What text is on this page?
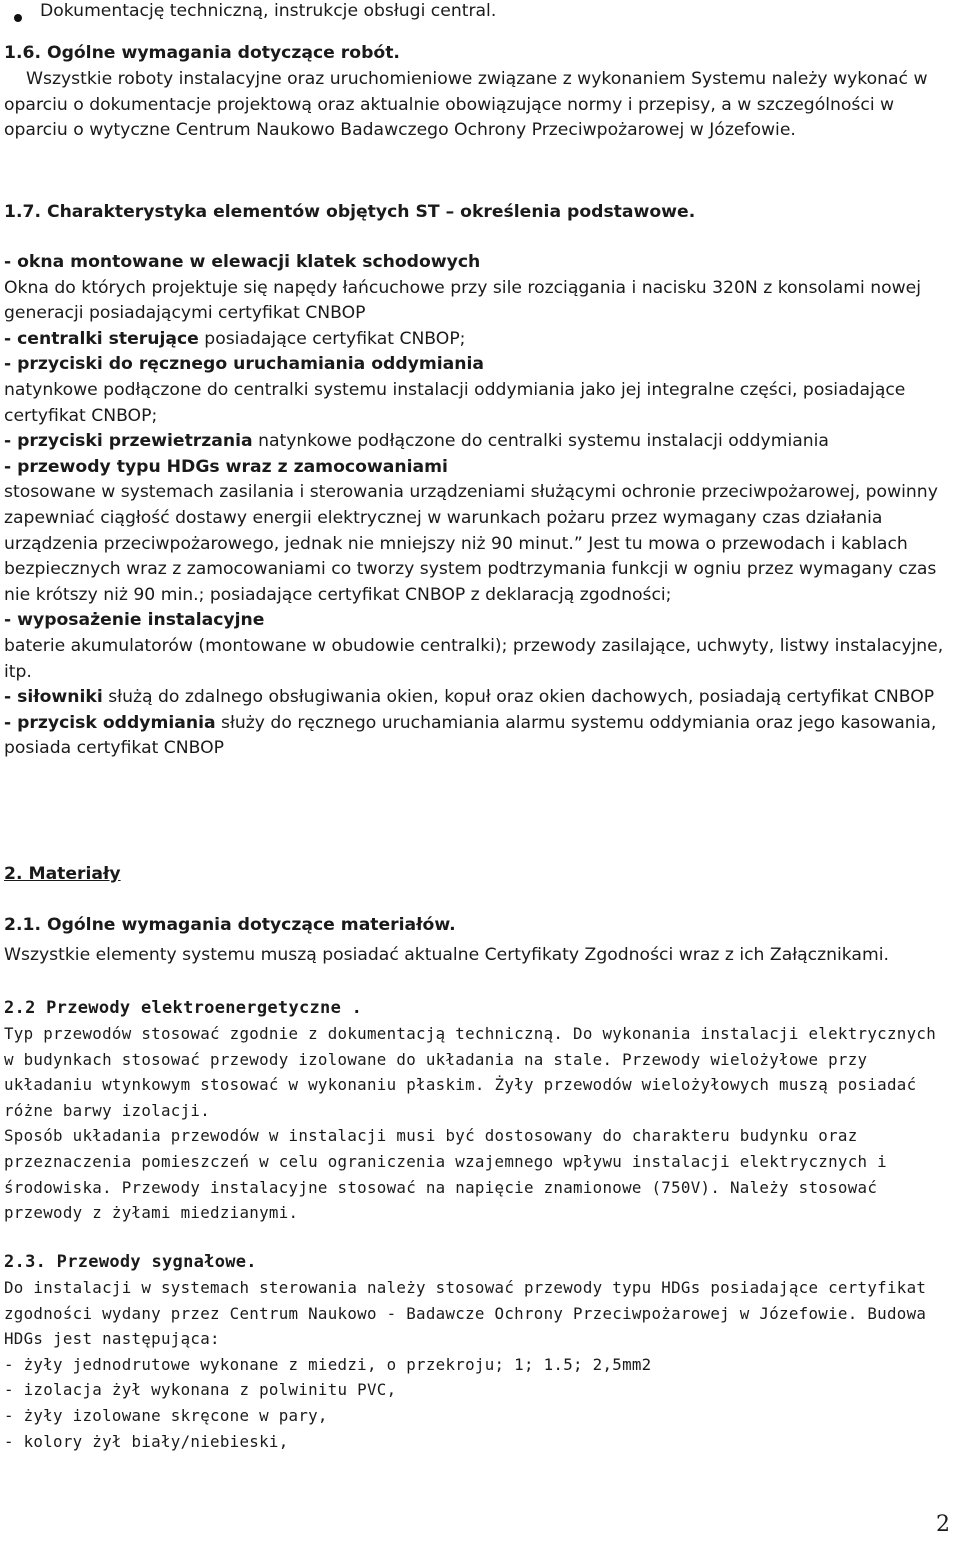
Dokumentację techniczną, instrukcje obsługi central.

1.6. Ogólne wymagania dotyczące robót.

Wszystkie roboty instalacyjne oraz uruchomieniowe związane z wykonaniem Systemu należy wykonać w oparciu o dokumentacje projektową oraz aktualnie obowiązujące normy i przepisy, a w szczególności w oparciu o wytyczne Centrum Naukowo Badawczego Ochrony Przeciwpożarowej w Józefowie.

1.7. Charakterystyka elementów objętych ST – określenia podstawowe.

- okna montowane w elewacji klatek schodowych
Okna do których projektuje się napędy łańcuchowe przy sile rozciągania i nacisku 320N z konsolami nowej generacji posiadającymi certyfikat CNBOP
- centralki sterujące posiadające certyfikat CNBOP;
- przyciski do ręcznego uruchamiania oddymiania
natynkowe podłączone do centralki systemu instalacji oddymiania jako jej integralne części, posiadające certyfikat CNBOP;
- przyciski przewietrzania natynkowe podłączone do centralki systemu instalacji oddymiania
- przewody typu HDGs wraz z zamocowaniami
stosowane w systemach zasilania i sterowania urządzeniami służącymi ochronie przeciwpożarowej, powinny zapewniać ciągłość dostawy energii elektrycznej w warunkach pożaru przez wymagany czas działania urządzenia przeciwpożarowego, jednak nie mniejszy niż 90 minut.” Jest tu mowa o przewodach i kablach bezpiecznych wraz z zamocowaniami co tworzy system podtrzymania funkcji w ogniu przez wymagany czas nie krótszy niż 90 min.; posiadające certyfikat CNBOP z deklaracją zgodności;
- wyposażenie instalacyjne
baterie akumulatorów (montowane w obudowie centralki); przewody zasilające, uchwyty, listwy instalacyjne, itp.
- siłowniki służą do zdalnego obsługiwania okien, kopuł oraz okien dachowych, posiadają certyfikat CNBOP
- przycisk oddymiania służy do ręcznego uruchamiania alarmu systemu oddymiania oraz jego kasowania, posiada certyfikat CNBOP

2. Materiały

2.1. Ogólne wymagania dotyczące materiałów.

Wszystkie elementy systemu muszą posiadać aktualne Certyfikaty Zgodności wraz z ich Załącznikami.

2.2 Przewody elektroenergetyczne .

Typ przewodów stosować zgodnie z dokumentacją techniczną. Do wykonania instalacji elektrycznych w budynkach stosować przewody izolowane do układania na stale. Przewody wielożyłowe przy układaniu wtynkowym stosować w wykonaniu płaskim. Żyły przewodów wielożyłowych muszą posiadać różne barwy izolacji.
Sposób układania przewodów w instalacji musi być dostosowany do charakteru budynku oraz przeznaczenia pomieszczeń w celu ograniczenia wzajemnego wpływu instalacji elektrycznych i środowiska. Przewody instalacyjne stosować na napięcie znamionowe (750V). Należy stosować przewody z żyłami miedzianymi.

2.3. Przewody sygnałowe.

Do instalacji w systemach sterowania należy stosować przewody typu HDGs posiadające certyfikat zgodności wydany przez Centrum Naukowo - Badawcze Ochrony Przeciwpożarowej w Józefowie. Budowa HDGs jest następująca:
- żyły jednodrutowe wykonane z miedzi, o przekroju; 1; 1.5; 2,5mm2
- izolacja żył wykonana z polwinitu PVC,
- żyły izolowane skręcone w pary,
- kolory żył biały/niebieski,
2
